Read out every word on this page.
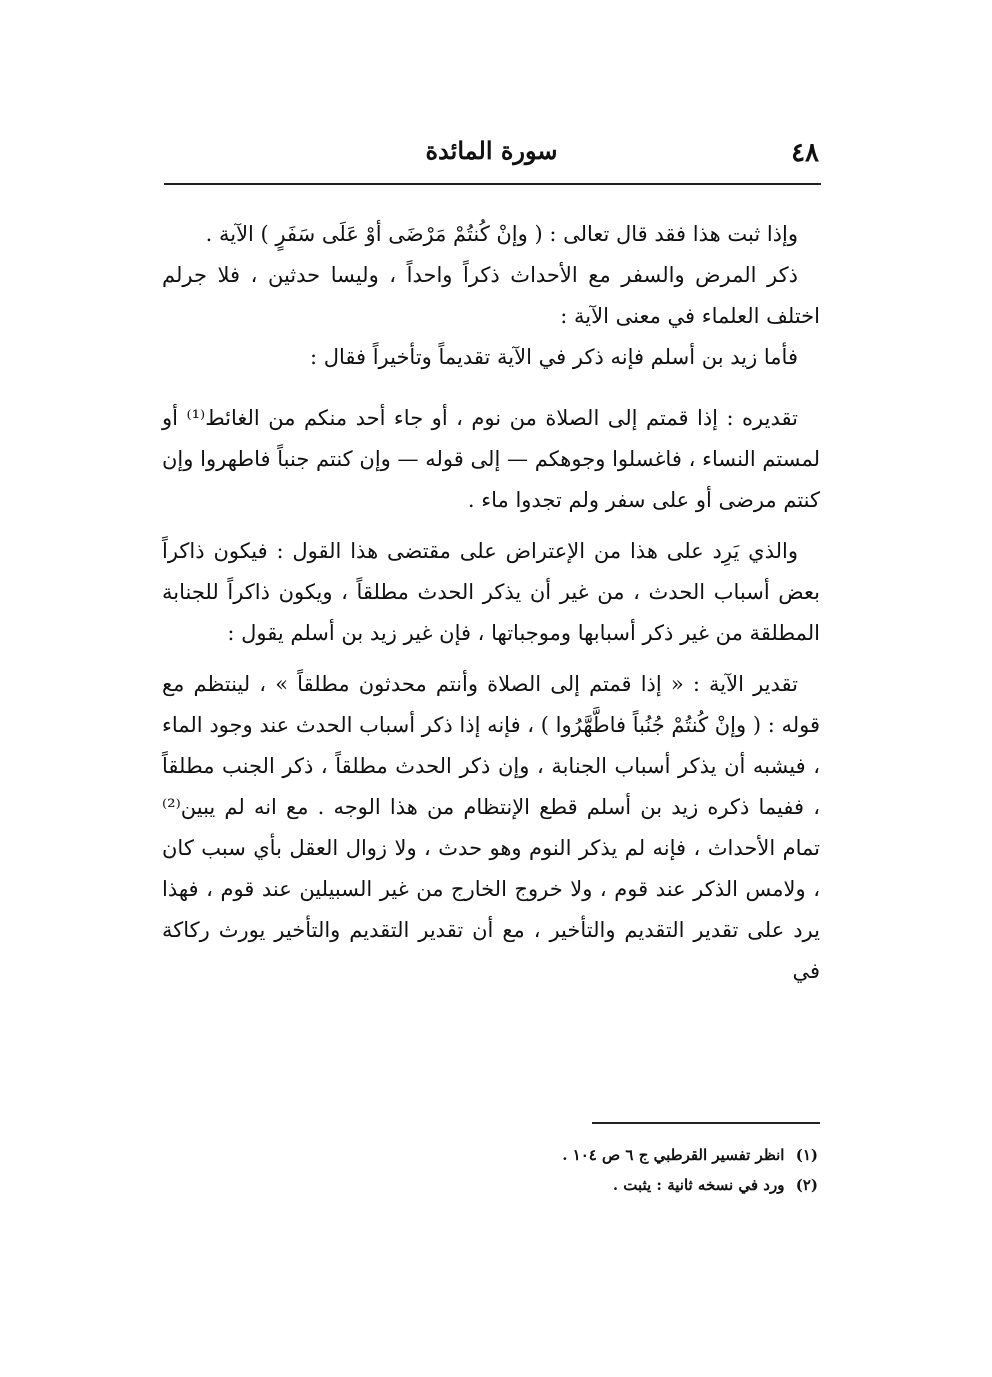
٤٨
سورة المائدة

وإذا ثبت هذا فقد قال تعالى : ( وإنْ كُنتُمْ مَرْضَى أوْ عَلَى سَفَرٍ ) الآية .

ذكر المرض والسفر مع الأحداث ذكراً واحداً ، وليسا حدثين ، فلا جرلم اختلف العلماء في معنى الآية :

فأما زيد بن أسلم فإنه ذكر في الآية تقديماً وتأخيراً فقال :

تقديره : إذا قمتم إلى الصلاة من نوم ، أو جاء أحد منكم من الغائط⁽¹⁾ أو لمستم النساء ، فاغسلوا وجوهكم — إلى قوله — وإن كنتم جنباً فاطهروا وإن كنتم مرضى أو على سفر ولم تجدوا ماء .

والذي يَرِد على هذا من الإعتراض على مقتضى هذا القول : فيكون ذاكراً بعض أسباب الحدث ، من غير أن يذكر الحدث مطلقاً ، ويكون ذاكراً للجنابة المطلقة من غير ذكر أسبابها وموجباتها ، فإن غير زيد بن أسلم يقول :

تقدير الآية : « إذا قمتم إلى الصلاة وأنتم محدثون مطلقاً » ، لينتظم مع قوله : ( وإنْ كُنتُمْ جُنُباً فاطَّهَّرُوا ) ، فإنه إذا ذكر أسباب الحدث عند وجود الماء ، فيشبه أن يذكر أسباب الجنابة ، وإن ذكر الحدث مطلقاً ، ذكر الجنب مطلقاً ، ففيما ذكره زيد بن أسلم قطع الإنتظام من هذا الوجه . مع انه لم يبين⁽²⁾ تمام الأحداث ، فإنه لم يذكر النوم وهو حدث ، ولا زوال العقل بأي سبب كان ، ولامس الذكر عند قوم ، ولا خروج الخارج من غير السبيلين عند قوم ، فهذا يرد على تقدير التقديم والتأخير ، مع أن تقدير التقديم والتأخير يورث ركاكة في

(١) انظر تفسير القرطبي ج ٦ ص ١٠٤ .

(٢) ورد في نسخه ثانية : يثبت .
